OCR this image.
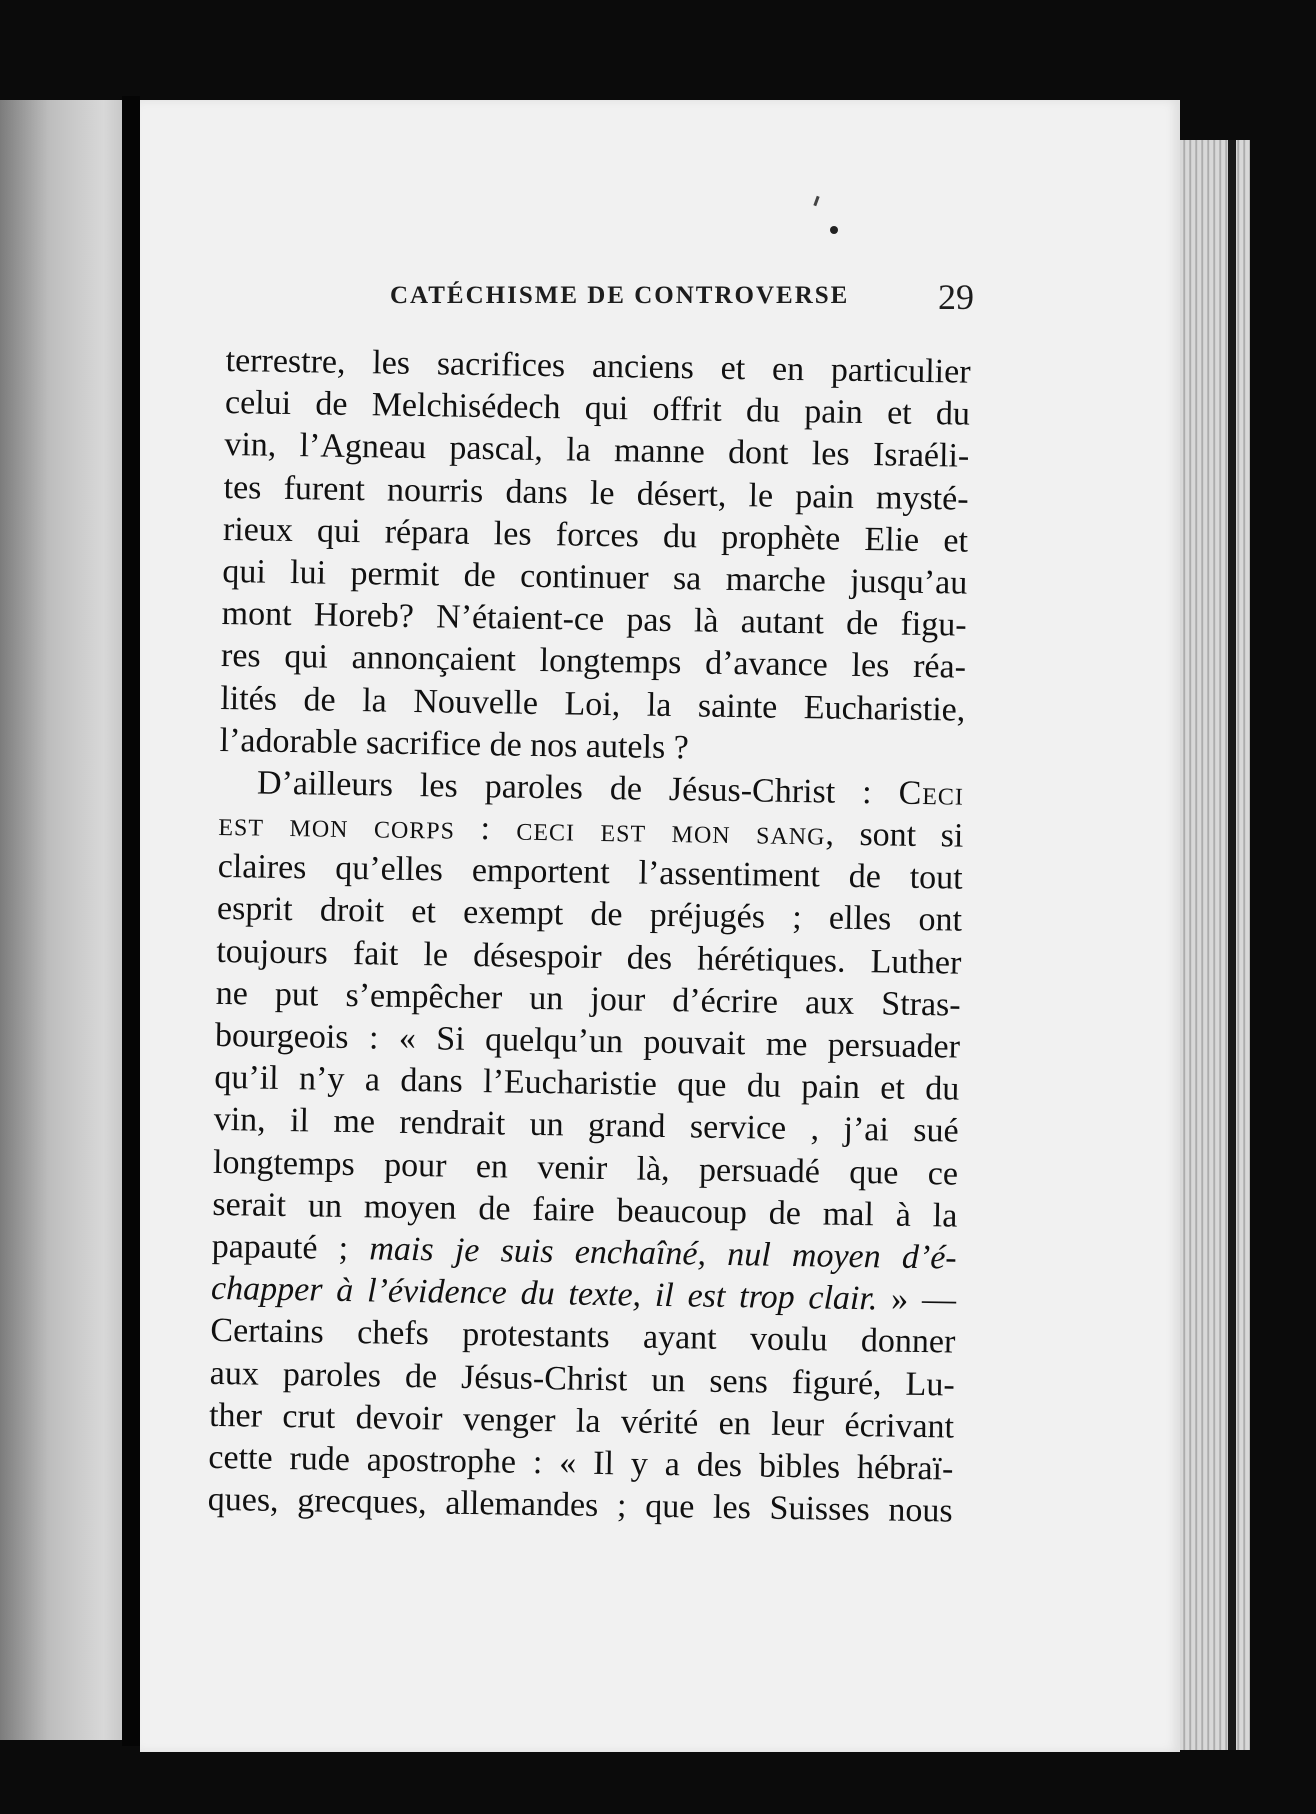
CATÉCHISME DE CONTROVERSE 29
terrestre, les sacrifices anciens et en particulier
celui de Melchisédech qui offrit du pain et du
vin, l’Agneau pascal, la manne dont les Israéli-
tes furent nourris dans le désert, le pain mysté-
rieux qui répara les forces du prophète Elie et
qui lui permit de continuer sa marche jusqu’au
mont Horeb? N’étaient-ce pas là autant de figu-
res qui annonçaient longtemps d’avance les réa-
lités de la Nouvelle Loi, la sainte Eucharistie,
l’adorable sacrifice de nos autels ?
D’ailleurs les paroles de Jésus-Christ : Ceci
est mon corps : ceci est mon sang, sont si
claires qu’elles emportent l’assentiment de tout
esprit droit et exempt de préjugés ; elles ont
toujours fait le désespoir des hérétiques. Luther
ne put s’empêcher un jour d’écrire aux Stras-
bourgeois : « Si quelqu’un pouvait me persuader
qu’il n’y a dans l’Eucharistie que du pain et du
vin, il me rendrait un grand service , j’ai sué
longtemps pour en venir là, persuadé que ce
serait un moyen de faire beaucoup de mal à la
papauté ; mais je suis enchaîné, nul moyen d’é-
chapper à l’évidence du texte, il est trop clair. » —
Certains chefs protestants ayant voulu donner
aux paroles de Jésus-Christ un sens figuré, Lu-
ther crut devoir venger la vérité en leur écrivant
cette rude apostrophe : « Il y a des bibles hébraï-
ques, grecques, allemandes ; que les Suisses nous
